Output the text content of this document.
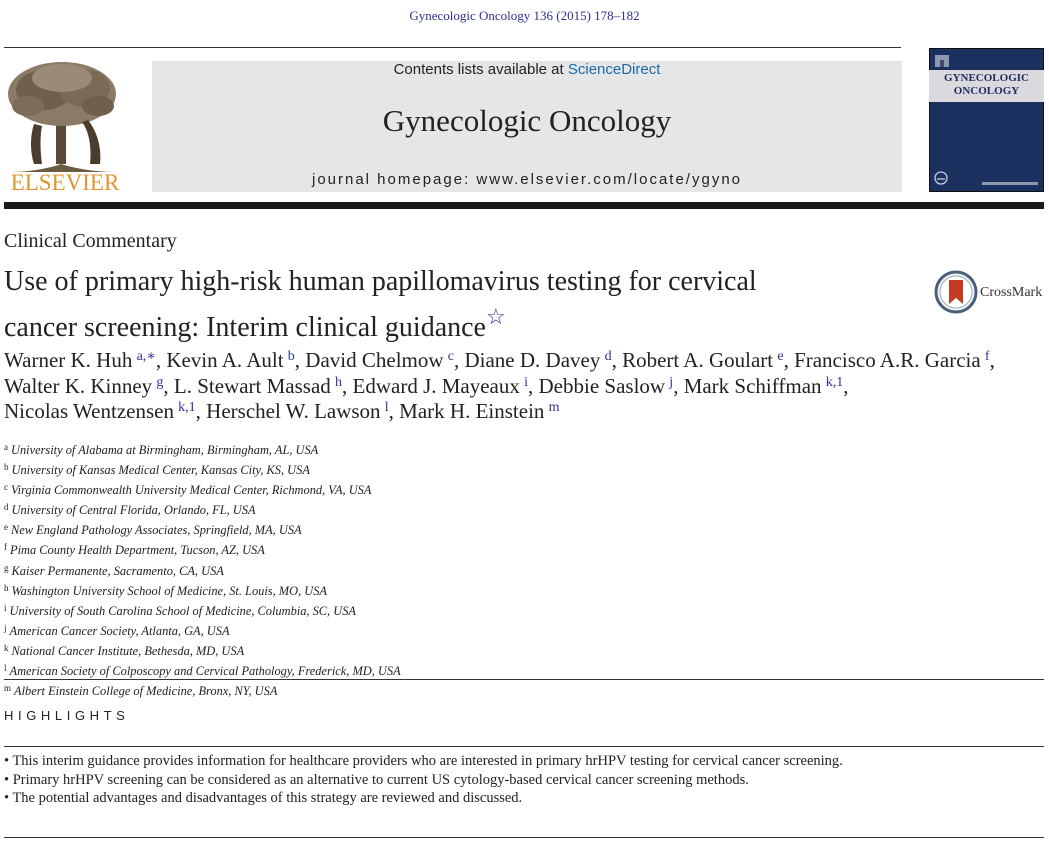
Gynecologic Oncology 136 (2015) 178–182
ELSEVIER
Contents lists available at ScienceDirect
Gynecologic Oncology
journal homepage: www.elsevier.com/locate/ygyno
GYNECOLOGIC
ONCOLOGY
Clinical Commentary
Use of primary high-risk human papillomavirus testing for cervical
cancer screening: Interim clinical guidance☆
CrossMark
Warner K. Huh  $^{a,∗}$, Kevin A. Ault  $^b$, David Chelmow  $^c$, Diane D. Davey  $^d$, Robert A. Goulart  $^e$, Francisco A.R. Garcia  $^f$,
Walter K. Kinney  $^g$, L. Stewart Massad  $^h$, Edward J. Mayeaux  $^i$, Debbie Saslow  $^j$, Mark Schiffman  $^{k,1}$,
Nicolas Wentzensen  $^{k,1}$, Herschel W. Lawson  $^l$, Mark H. Einstein  $^m$
$^a$ University of Alabama at Birmingham, Birmingham, AL, USA
$^b$ University of Kansas Medical Center, Kansas City, KS, USA
$^c$ Virginia Commonwealth University Medical Center, Richmond, VA, USA
$^d$ University of Central Florida, Orlando, FL, USA
$^e$ New England Pathology Associates, Springfield, MA, USA
$^f$ Pima County Health Department, Tucson, AZ, USA
$^g$ Kaiser Permanente, Sacramento, CA, USA
$^h$ Washington University School of Medicine, St. Louis, MO, USA
$^i$ University of South Carolina School of Medicine, Columbia, SC, USA
$^j$ American Cancer Society, Atlanta, GA, USA
$^k$ National Cancer Institute, Bethesda, MD, USA
$^l$ American Society of Colposcopy and Cervical Pathology, Frederick, MD, USA
$^m$ Albert Einstein College of Medicine, Bronx, NY, USA
HIGHLIGHTS
• This interim guidance provides information for healthcare providers who are interested in primary hrHPV testing for cervical cancer screening.
• Primary hrHPV screening can be considered as an alternative to current US cytology-based cervical cancer screening methods.
• The potential advantages and disadvantages of this strategy are reviewed and discussed.
